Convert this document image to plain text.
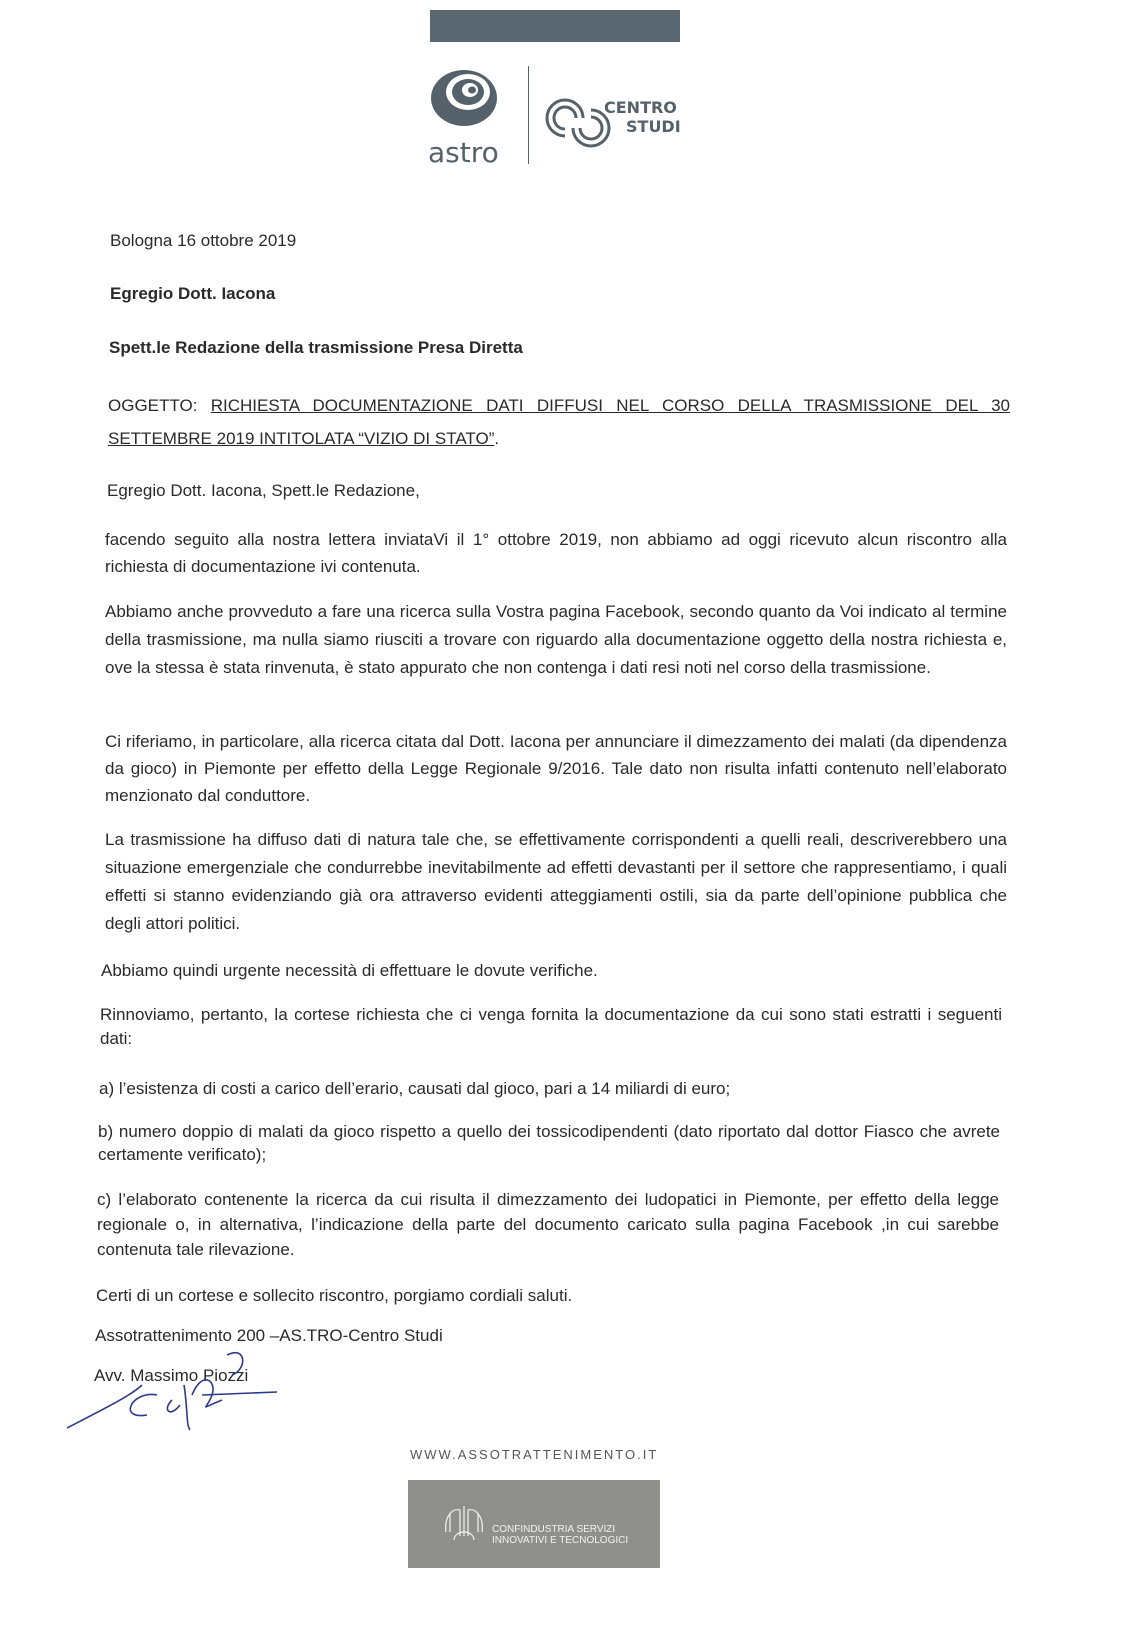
astro
CENTRO
STUDI
Bologna 16 ottobre 2019
Egregio Dott. Iacona
Spett.le Redazione della trasmissione Presa Diretta
OGGETTO: RICHIESTA DOCUMENTAZIONE DATI DIFFUSI NEL CORSO DELLA TRASMISSIONE DEL 30 SETTEMBRE 2019 INTITOLATA “VIZIO DI STATO”.
Egregio Dott. Iacona, Spett.le Redazione,
facendo seguito alla nostra lettera inviataVi il 1° ottobre 2019, non abbiamo ad oggi ricevuto alcun riscontro alla richiesta di documentazione ivi contenuta.
Abbiamo anche provveduto a fare una ricerca sulla Vostra pagina Facebook, secondo quanto da Voi indicato al termine della trasmissione, ma nulla siamo riusciti a trovare con riguardo alla documentazione oggetto della nostra richiesta e, ove la stessa è stata rinvenuta, è stato appurato che non contenga i dati resi noti nel corso della trasmissione.
Ci riferiamo, in particolare, alla ricerca citata dal Dott. Iacona per annunciare il dimezzamento dei malati (da dipendenza da gioco) in Piemonte per effetto della Legge Regionale 9/2016. Tale dato non risulta infatti contenuto nell’elaborato menzionato dal conduttore.
La trasmissione ha diffuso dati di natura tale che, se effettivamente corrispondenti a quelli reali, descriverebbero una situazione emergenziale che condurrebbe inevitabilmente ad effetti devastanti per il settore che rappresentiamo, i quali effetti si stanno evidenziando già ora attraverso evidenti atteggiamenti ostili, sia da parte dell’opinione pubblica che degli attori politici.
Abbiamo quindi urgente necessità di effettuare le dovute verifiche.
Rinnoviamo, pertanto, la cortese richiesta che ci venga fornita la documentazione da cui sono stati estratti i seguenti dati:
a) l’esistenza di costi a carico dell’erario, causati dal gioco, pari a 14 miliardi di euro;
b) numero doppio di malati da gioco rispetto a quello dei tossicodipendenti (dato riportato dal dottor Fiasco che avrete certamente verificato);
c) l’elaborato contenente la ricerca da cui risulta il dimezzamento dei ludopatici in Piemonte, per effetto della legge regionale o, in alternativa, l’indicazione della parte del documento caricato sulla pagina Facebook ,in cui sarebbe contenuta tale rilevazione.
Certi di un cortese e sollecito riscontro, porgiamo cordiali saluti.
Assotrattenimento 200 –AS.TRO-Centro Studi
Avv. Massimo Piozzi
WWW.ASSOTRATTENIMENTO.IT
CONFINDUSTRIA SERVIZI
INNOVATIVI E TECNOLOGICI
